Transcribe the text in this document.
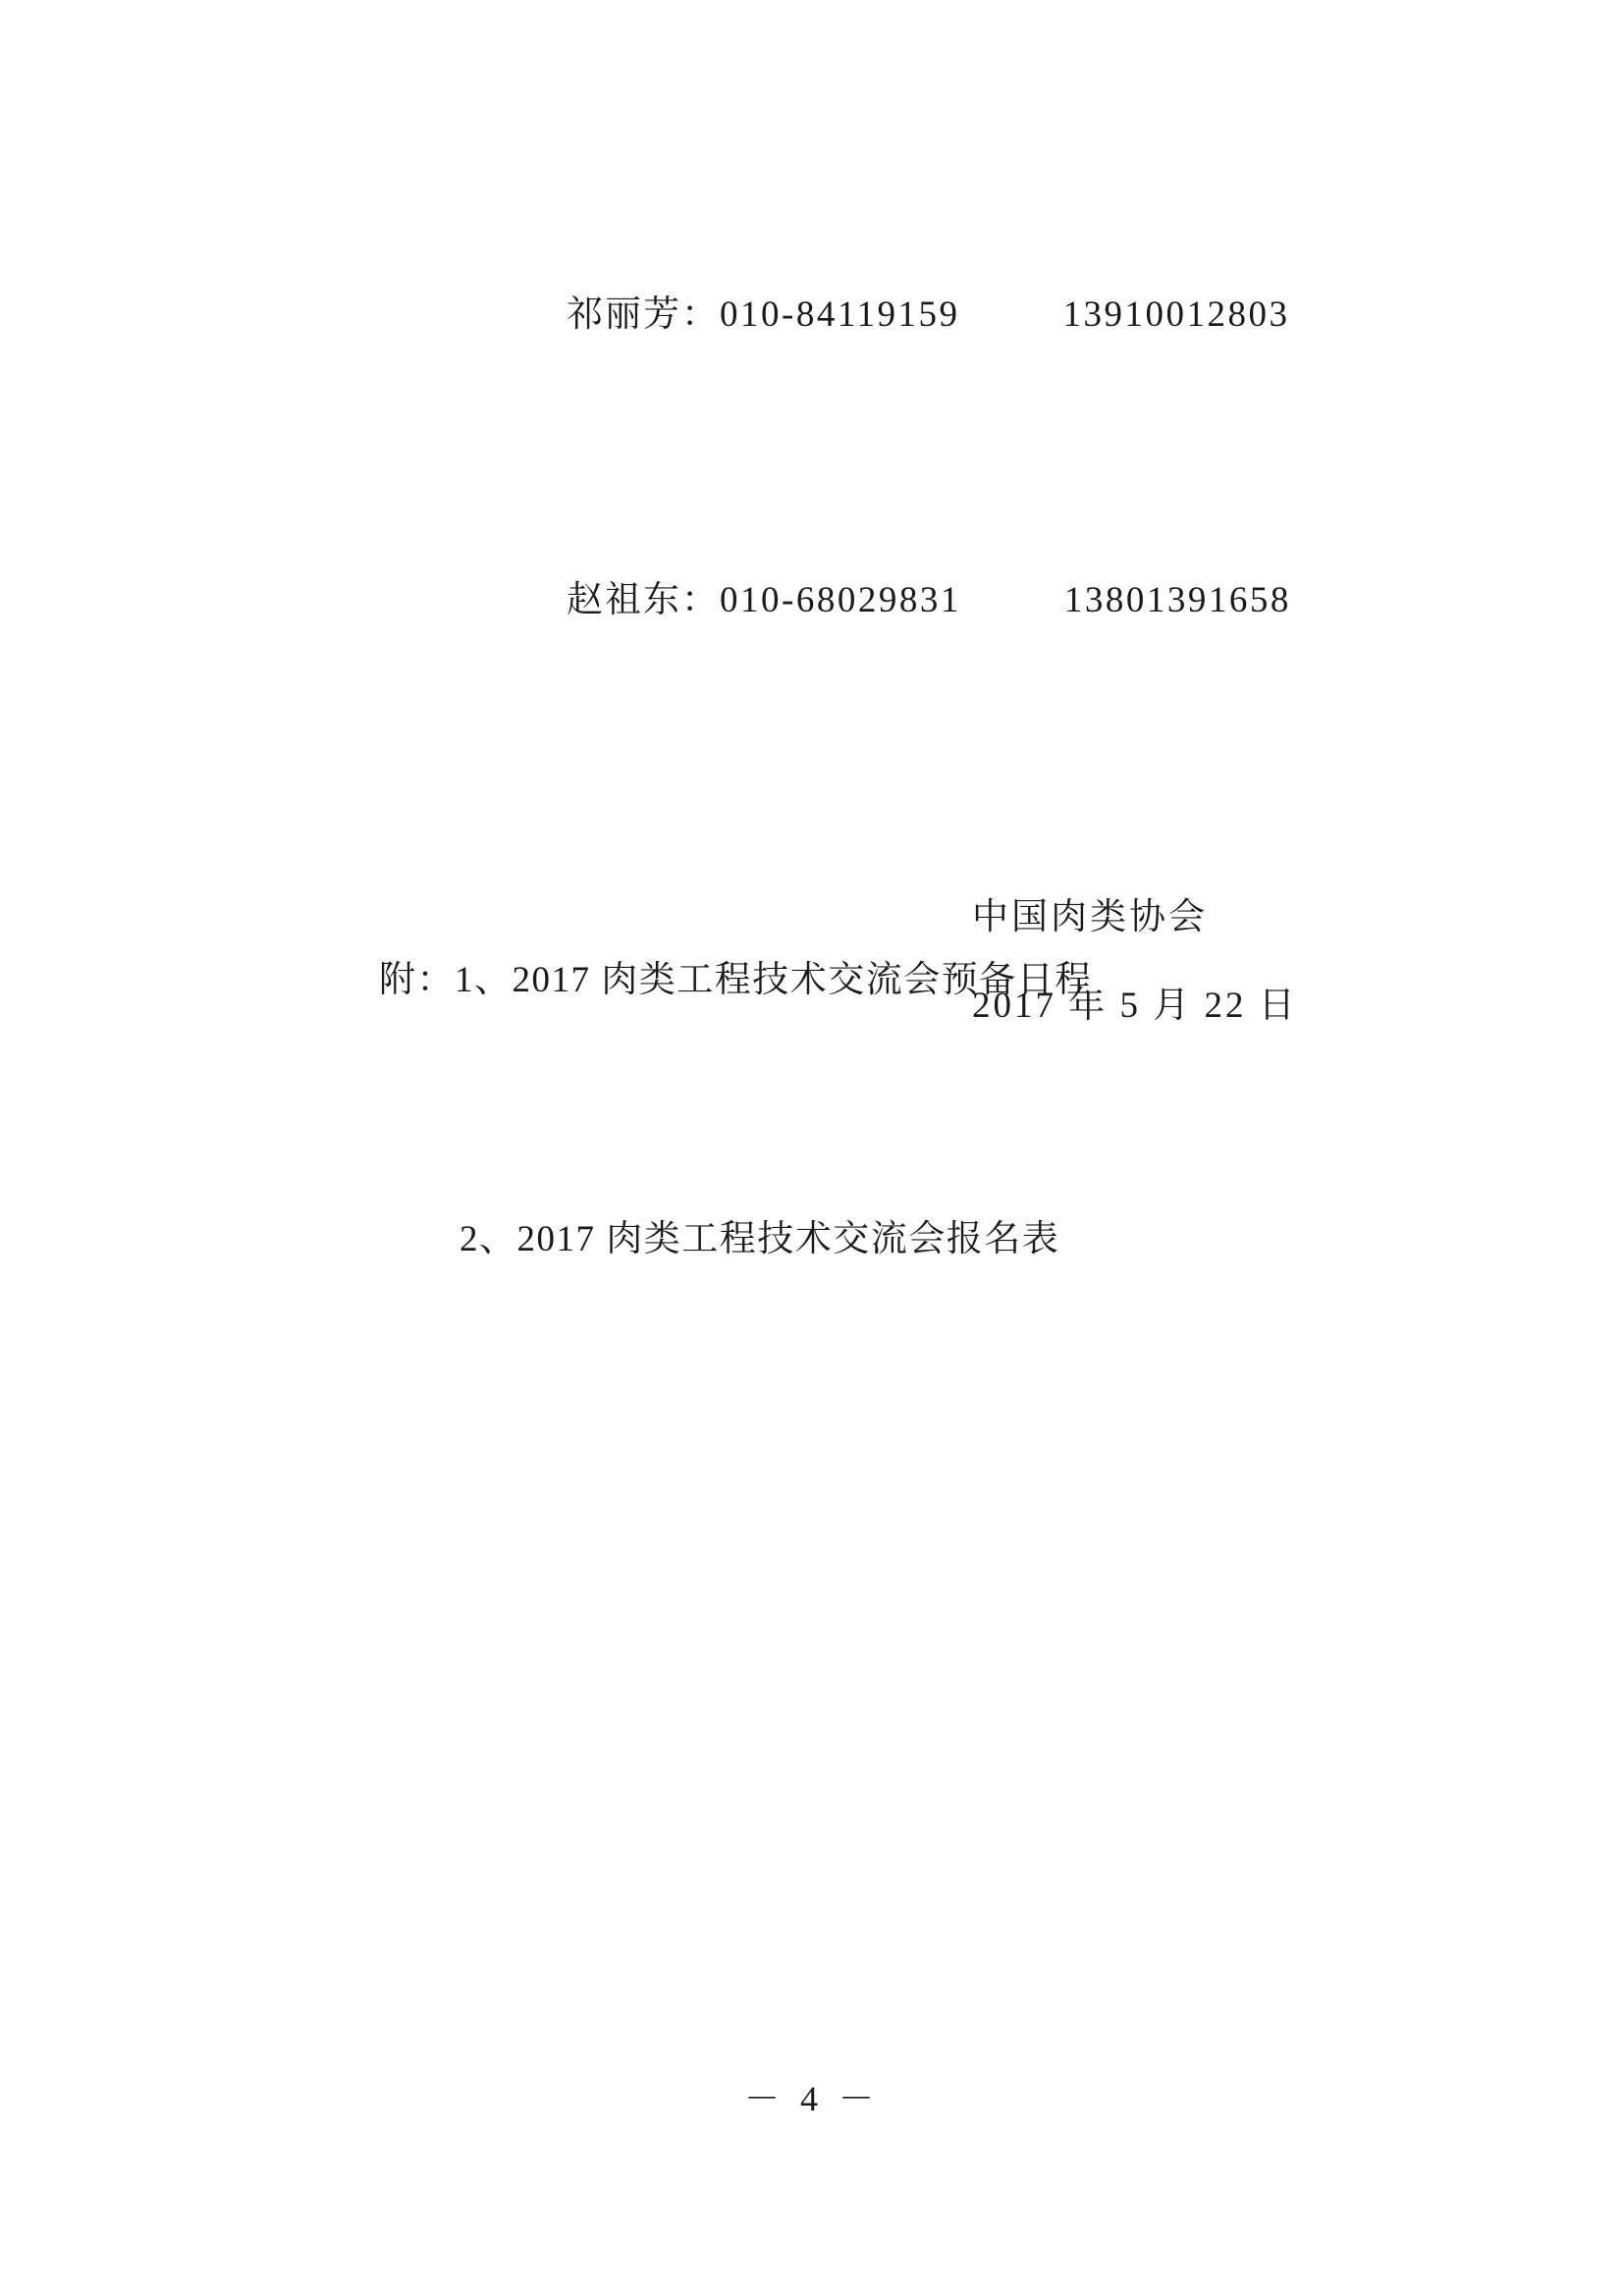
祁丽芳：010-84119159	13910012803

赵祖东：010-68029831	13801391658

附：1、2017 肉类工程技术交流会预备日程

2、2017 肉类工程技术交流会报名表

中国肉类协会
2017 年 5 月 22 日
－ 4 －
